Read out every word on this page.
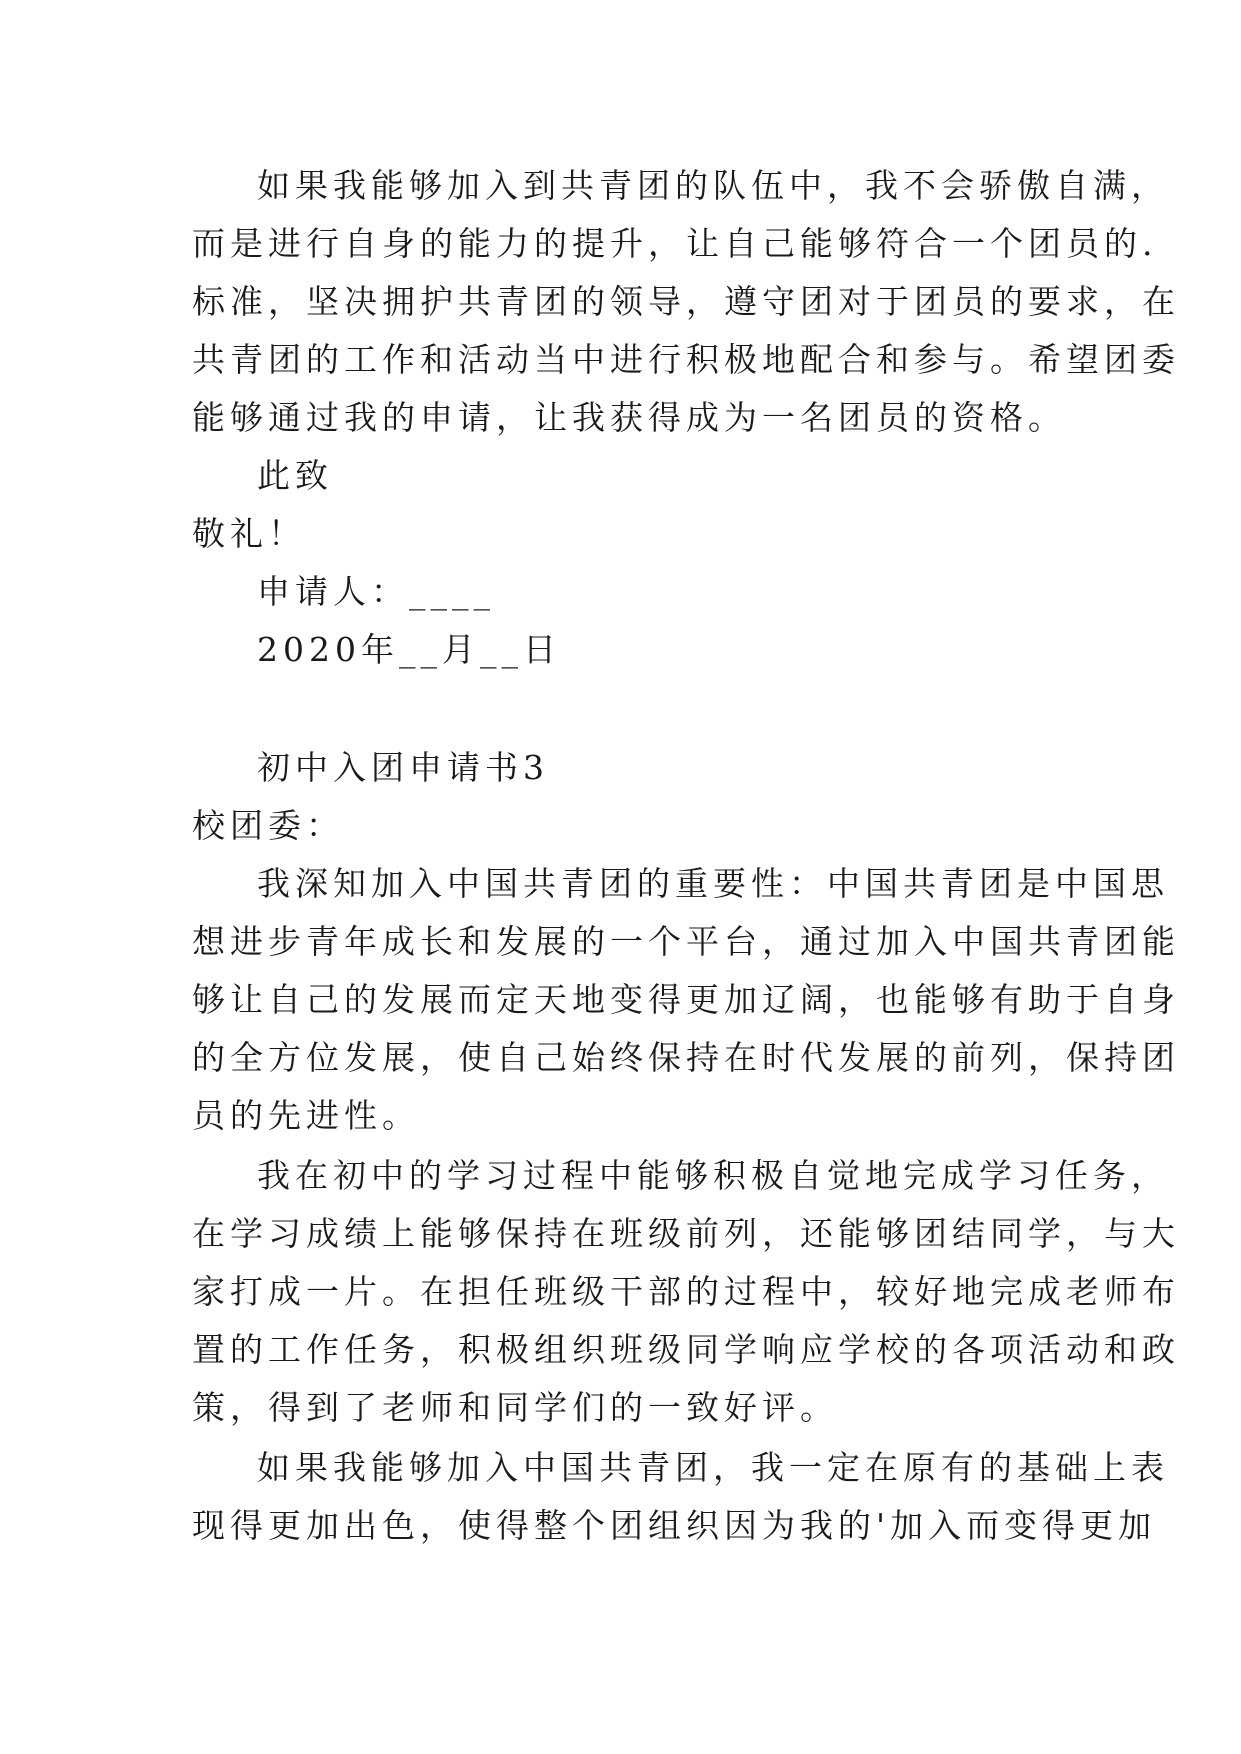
如果我能够加入到共青团的队伍中，我不会骄傲自满，
而是进行自身的能力的提升，让自己能够符合一个团员的.
标准，坚决拥护共青团的领导，遵守团对于团员的要求，在
共青团的工作和活动当中进行积极地配合和参与。希望团委
能够通过我的申请，让我获得成为一名团员的资格。
此致
敬礼！
申请人：____
2020年__月__日
初中入团申请书3
校团委：
我深知加入中国共青团的重要性：中国共青团是中国思
想进步青年成长和发展的一个平台，通过加入中国共青团能
够让自己的发展而定天地变得更加辽阔，也能够有助于自身
的全方位发展，使自己始终保持在时代发展的前列，保持团
员的先进性。
我在初中的学习过程中能够积极自觉地完成学习任务，
在学习成绩上能够保持在班级前列，还能够团结同学，与大
家打成一片。在担任班级干部的过程中，较好地完成老师布
置的工作任务，积极组织班级同学响应学校的各项活动和政
策，得到了老师和同学们的一致好评。
如果我能够加入中国共青团，我一定在原有的基础上表
现得更加出色，使得整个团组织因为我的'加入而变得更加
